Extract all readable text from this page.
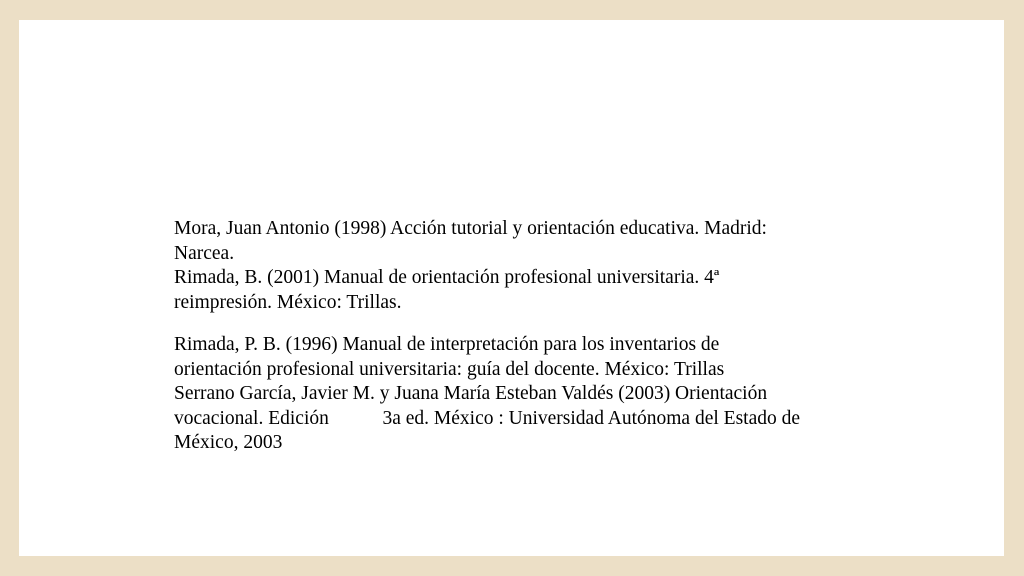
Mora, Juan Antonio (1998) Acción tutorial y orientación educativa. Madrid:
Narcea.

Rimada, B. (2001) Manual de orientación profesional universitaria. 4ª
reimpresión. México: Trillas.

Rimada, P. B. (1996) Manual de interpretación para los inventarios de
orientación profesional universitaria: guía del docente. México: Trillas

Serrano García, Javier M. y Juana María Esteban Valdés (2003) Orientación
vocacional. Edición           3a ed. México : Universidad Autónoma del Estado de
México, 2003
